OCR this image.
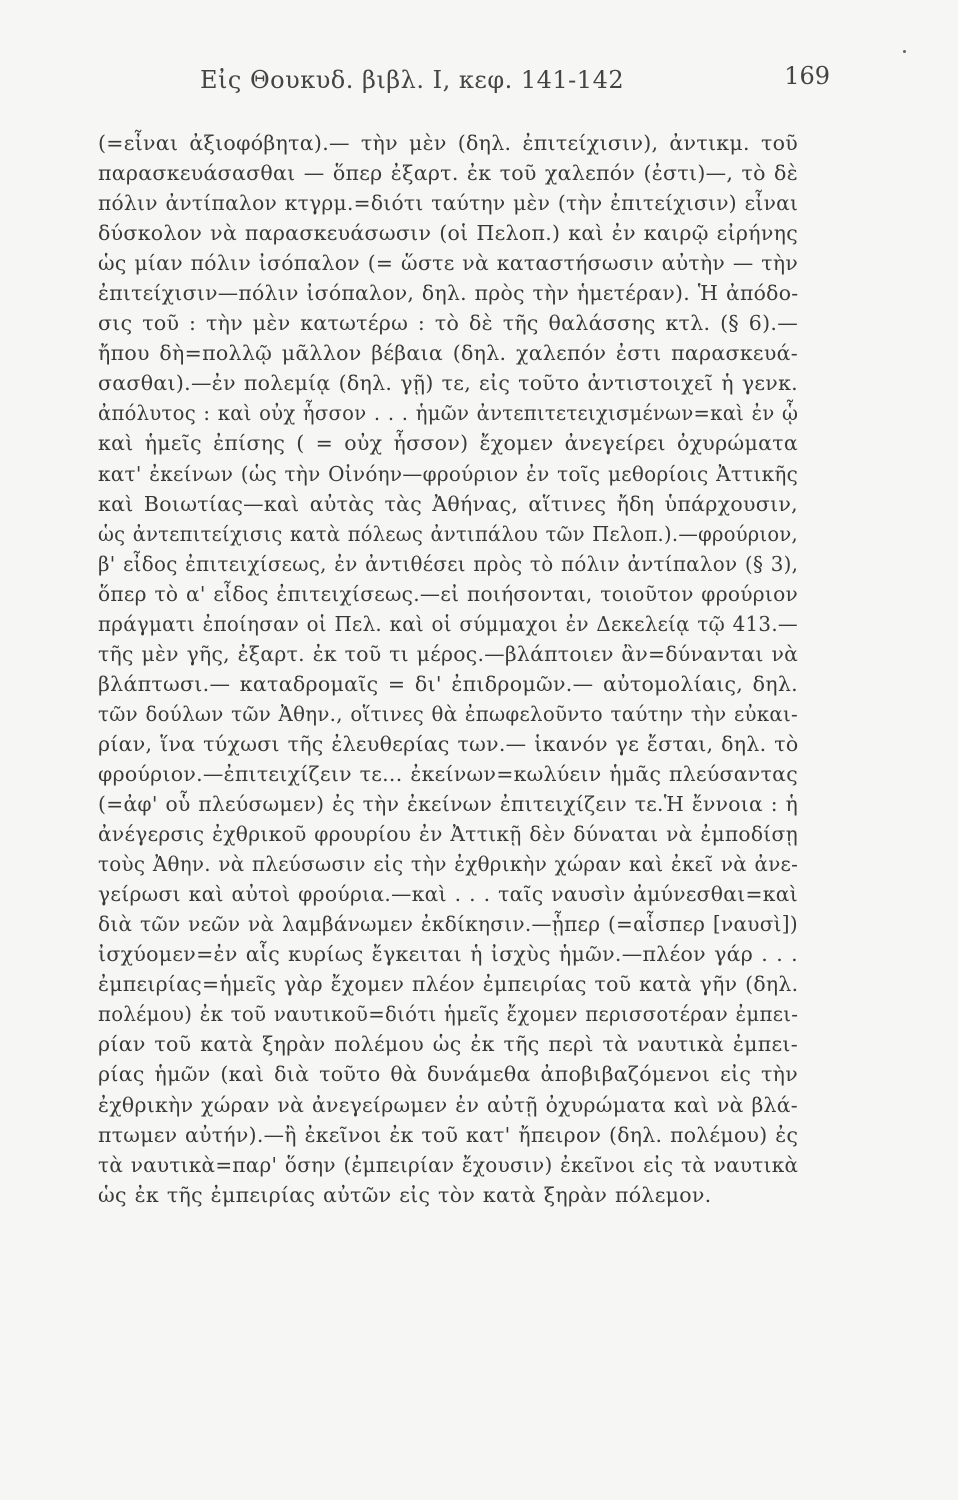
Εἰς Θουκυδ. βιβλ. I, κεφ. 141-142	169
(=εἶναι ἀξιοφόβητα).— τὴν μὲν (δηλ. ἐπιτείχισιν), ἀντικμ. τοῦ
παρασκευάσασθαι — ὅπερ ἐξαρτ. ἐκ τοῦ χαλεπόν (ἐστι)—, τὸ δὲ
πόλιν ἀντίπαλον κτγρμ.=διότι ταύτην μὲν (τὴν ἐπιτείχισιν) εἶναι
δύσκολον νὰ παρασκευάσωσιν (οἱ Πελοπ.) καὶ ἐν καιρῷ εἰρήνης
ὡς μίαν πόλιν ἰσόπαλον (= ὥστε νὰ καταστήσωσιν αὐτὴν — τὴν
ἐπιτείχισιν—πόλιν ἰσόπαλον, δηλ. πρὸς τὴν ἡμετέραν). Ἡ ἀπόδο-
σις τοῦ : τὴν μὲν κατωτέρω : τὸ δὲ τῆς θαλάσσης κτλ. (§ 6).—
ἤπου δὴ=πολλῷ μᾶλλον βέβαια (δηλ. χαλεπόν ἐστι παρασκευά-
σασθαι).—ἐν πολεμίᾳ (δηλ. γῇ) τε, εἰς τοῦτο ἀντιστοιχεῖ ἡ γενκ.
ἀπόλυτος : καὶ οὐχ ἧσσον . . . ἡμῶν ἀντεπιτετειχισμένων=καὶ ἐν ᾧ
καὶ ἡμεῖς ἐπίσης ( = οὐχ ἧσσον) ἔχομεν ἀνεγείρει ὀχυρώματα
κατ' ἐκείνων (ὡς τὴν Οἰνόην—φρούριον ἐν τοῖς μεθορίοις Ἀττικῆς
καὶ Βοιωτίας—καὶ αὐτὰς τὰς Ἀθήνας, αἵτινες ἤδη ὑπάρχουσιν,
ὡς ἀντεπιτείχισις κατὰ πόλεως ἀντιπάλου τῶν Πελοπ.).—φρούριον,
β' εἶδος ἐπιτειχίσεως, ἐν ἀντιθέσει πρὸς τὸ πόλιν ἀντίπαλον (§ 3),
ὅπερ τὸ α' εἶδος ἐπιτειχίσεως.—εἰ ποιήσονται, τοιοῦτον φρούριον
πράγματι ἐποίησαν οἱ Πελ. καὶ οἱ σύμμαχοι ἐν Δεκελείᾳ τῷ 413.—
τῆς μὲν γῆς, ἐξαρτ. ἐκ τοῦ τι μέρος.—βλάπτοιεν ἂν=δύνανται νὰ
βλάπτωσι.— καταδρομαῖς = δι' ἐπιδρομῶν.— αὐτομολίαις, δηλ.
τῶν δούλων τῶν Ἀθην., οἵτινες θὰ ἐπωφελοῦντο ταύτην τὴν εὐκαι-
ρίαν, ἵνα τύχωσι τῆς ἐλευθερίας των.— ἱκανόν γε ἔσται, δηλ. τὸ
φρούριον.—ἐπιτειχίζειν τε... ἐκείνων=κωλύειν ἡμᾶς πλεύσαντας
(=ἀφ' οὗ πλεύσωμεν) ἐς τὴν ἐκείνων ἐπιτειχίζειν τε.Ἡ ἔννοια : ἡ
ἀνέγερσις ἐχθρικοῦ φρουρίου ἐν Ἀττικῇ δὲν δύναται νὰ ἐμποδίσῃ
τοὺς Ἀθην. νὰ πλεύσωσιν εἰς τὴν ἐχθρικὴν χώραν καὶ ἐκεῖ νὰ ἀνε-
γείρωσι καὶ αὐτοὶ φρούρια.—καὶ . . . ταῖς ναυσὶν ἀμύνεσθαι=καὶ
διὰ τῶν νεῶν νὰ λαμβάνωμεν ἐκδίκησιν.—ᾗπερ (=αἷσπερ [ναυσὶ])
ἰσχύομεν=ἐν αἷς κυρίως ἔγκειται ἡ ἰσχὺς ἡμῶν.—πλέον γάρ . . .
ἐμπειρίας=ἡμεῖς γὰρ ἔχομεν πλέον ἐμπειρίας τοῦ κατὰ γῆν (δηλ.
πολέμου) ἐκ τοῦ ναυτικοῦ=διότι ἡμεῖς ἔχομεν περισσοτέραν ἐμπει-
ρίαν τοῦ κατὰ ξηρὰν πολέμου ὡς ἐκ τῆς περὶ τὰ ναυτικὰ ἐμπει-
ρίας ἡμῶν (καὶ διὰ τοῦτο θὰ δυνάμεθα ἀποβιβαζόμενοι εἰς τὴν
ἐχθρικὴν χώραν νὰ ἀνεγείρωμεν ἐν αὐτῇ ὀχυρώματα καὶ νὰ βλά-
πτωμεν αὐτήν).—ἢ ἐκεῖνοι ἐκ τοῦ κατ' ἤπειρον (δηλ. πολέμου) ἐς
τὰ ναυτικὰ=παρ' ὅσην (ἐμπειρίαν ἔχουσιν) ἐκεῖνοι εἰς τὰ ναυτικὰ
ὡς ἐκ τῆς ἐμπειρίας αὐτῶν εἰς τὸν κατὰ ξηρὰν πόλεμον.
